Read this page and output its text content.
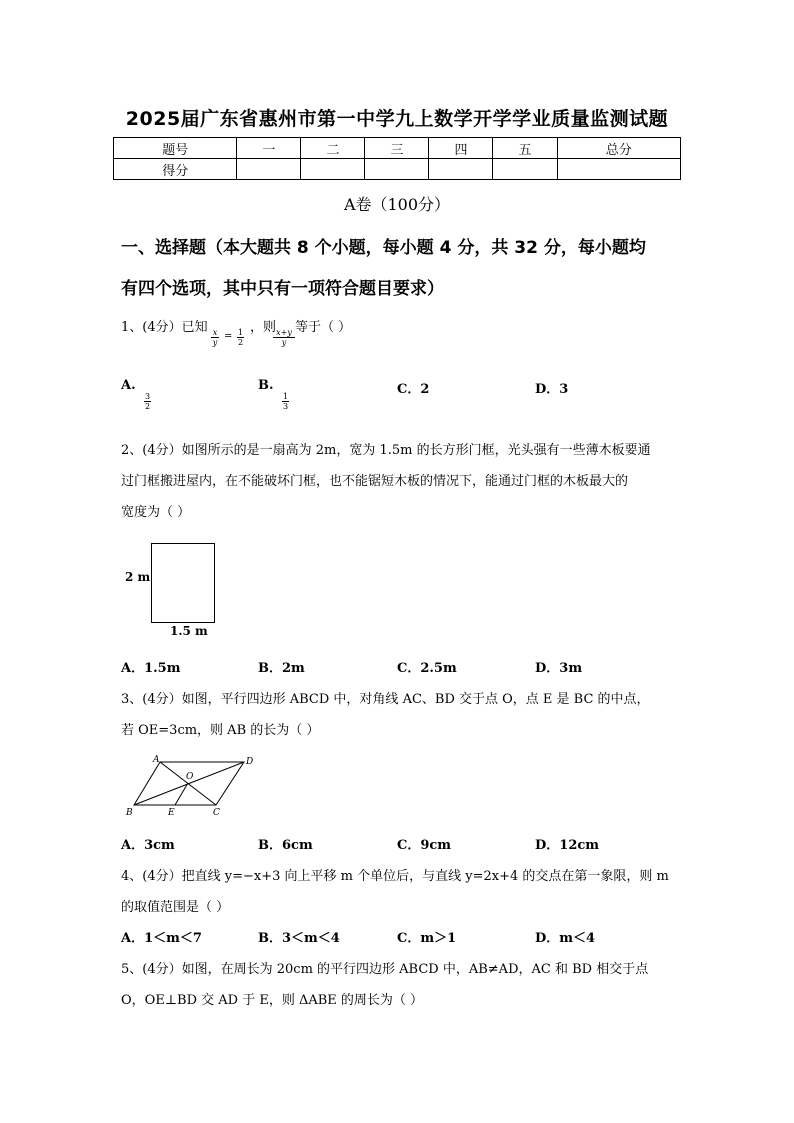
2025届广东省惠州市第一中学九上数学开学学业质量监测试题
题号	一	二	三	四	五	总分
得分						
A卷（100分）
一、选择题（本大题共 8 个小题，每小题 4 分，共 32 分，每小题均
有四个选项，其中只有一项符合题目要求）
1、(4分）已知
$\frac{x}{y} = \frac{1}{2}$
，则
$\frac{x+y}{y}$
等于（ ）
A.
$\frac{3}{2}$
B.
$\frac{1}{3}$
C．2	D．3
2、(4分）如图所示的是一扇高为 2m，宽为 1.5m 的长方形门框，光头强有一些薄木板要通
过门框搬进屋内，在不能破坏门框，也不能锯短木板的情况下，能通过门框的木板最大的
宽度为（ ）
2 m
1.5 m
A．1.5m	B．2m	C．2.5m	D．3m
3、(4分）如图，平行四边形 ABCD 中，对角线 AC、BD 交于点 O，点 E 是 BC 的中点，
若 OE=3cm，则 AB 的长为（ ）
A	D
B	C
O
E
A．3cm	B．6cm	C．9cm	D．12cm
4、(4分）把直线 y=−x+3 向上平移 m 个单位后，与直线 y=2x+4 的交点在第一象限，则 m
的取值范围是（ ）
A．1＜m＜7	B．3＜m＜4	C．m＞1	D．m＜4
5、(4分）如图，在周长为 20cm 的平行四边形 ABCD 中，AB≠AD，AC 和 BD 相交于点
O，OE⊥BD 交 AD 于 E，则 ΔABE 的周长为（ ）
